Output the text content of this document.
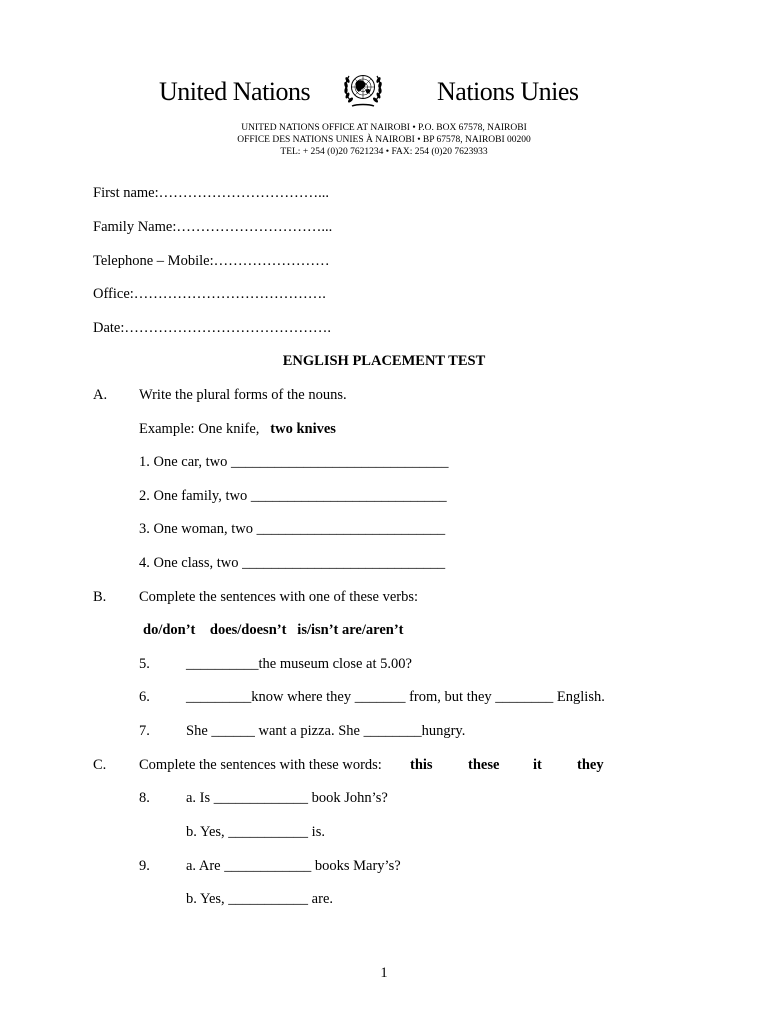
United Nations	Nations Unies
UNITED NATIONS OFFICE AT NAIROBI • P.O. BOX 67578, NAIROBI
OFFICE DES NATIONS UNIES À NAIROBI • BP 67578, NAIROBI 00200
TEL: + 254 (0)20 7621234 • FAX: 254 (0)20 7623933
First name:……………………………...
Family Name:…………………………...
Telephone – Mobile:……………………
Office:………………………………….
Date:…………………………………….
ENGLISH PLACEMENT TEST
A. Write the plural forms of the nouns.
Example: One knife, two knives
1. One car, two ______________________________
2. One family, two ___________________________
3. One woman, two __________________________
4. One class, two ____________________________
B. Complete the sentences with one of these verbs:
do/don’t    does/doesn’t   is/isn’t are/aren’t
5. __________the museum close at 5.00?
6. _________know where they _______ from, but they ________ English.
7. She ______ want a pizza. She ________hungry.
C. Complete the sentences with these words: this these it they
8. a. Is _____________ book John’s?
b. Yes, ___________ is.
9. a. Are ____________ books Mary’s?
b. Yes, ___________ are.
1
